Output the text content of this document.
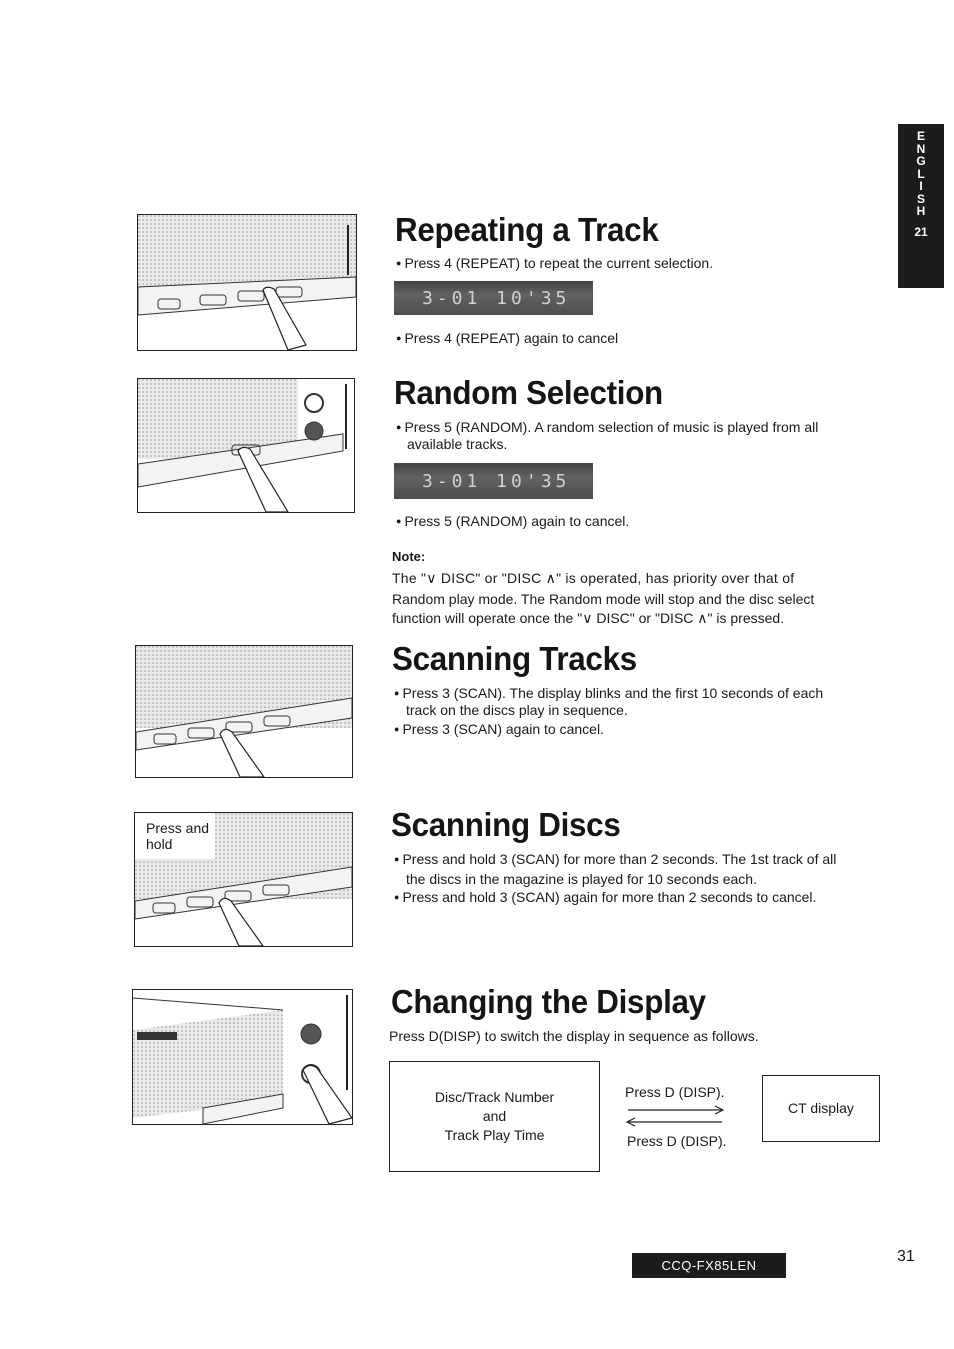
E
N
G
L
I
S
H
21
Repeating a Track
● Press 4 (REPEAT) to repeat the current selection.
3-01 10'35
● Press 4 (REPEAT) again to cancel
Random Selection
● Press 5 (RANDOM). A random selection of music is played from all
available tracks.
3-01 10'35
● Press 5 (RANDOM) again to cancel.
Note:
The "∨ DISC" or "DISC ∧" is operated, has priority over that of
Random play mode. The Random mode will stop and the disc select
function will operate once the "∨ DISC" or "DISC ∧" is pressed.
Scanning Tracks
● Press 3 (SCAN). The display blinks and the first 10 seconds of each
track on the discs play in sequence.
● Press 3 (SCAN) again to cancel.
Press and
hold
Scanning Discs
● Press and hold 3 (SCAN) for more than 2 seconds. The 1st track of all
the discs in the magazine is played for 10 seconds each.
● Press and hold 3 (SCAN) again for more than 2 seconds to cancel.
Changing the Display
Press D(DISP) to switch the display in sequence as follows.
Disc/Track Number
and
Track Play Time
Press D (DISP).
Press D (DISP).
CT display
CCQ-FX85LEN
31
